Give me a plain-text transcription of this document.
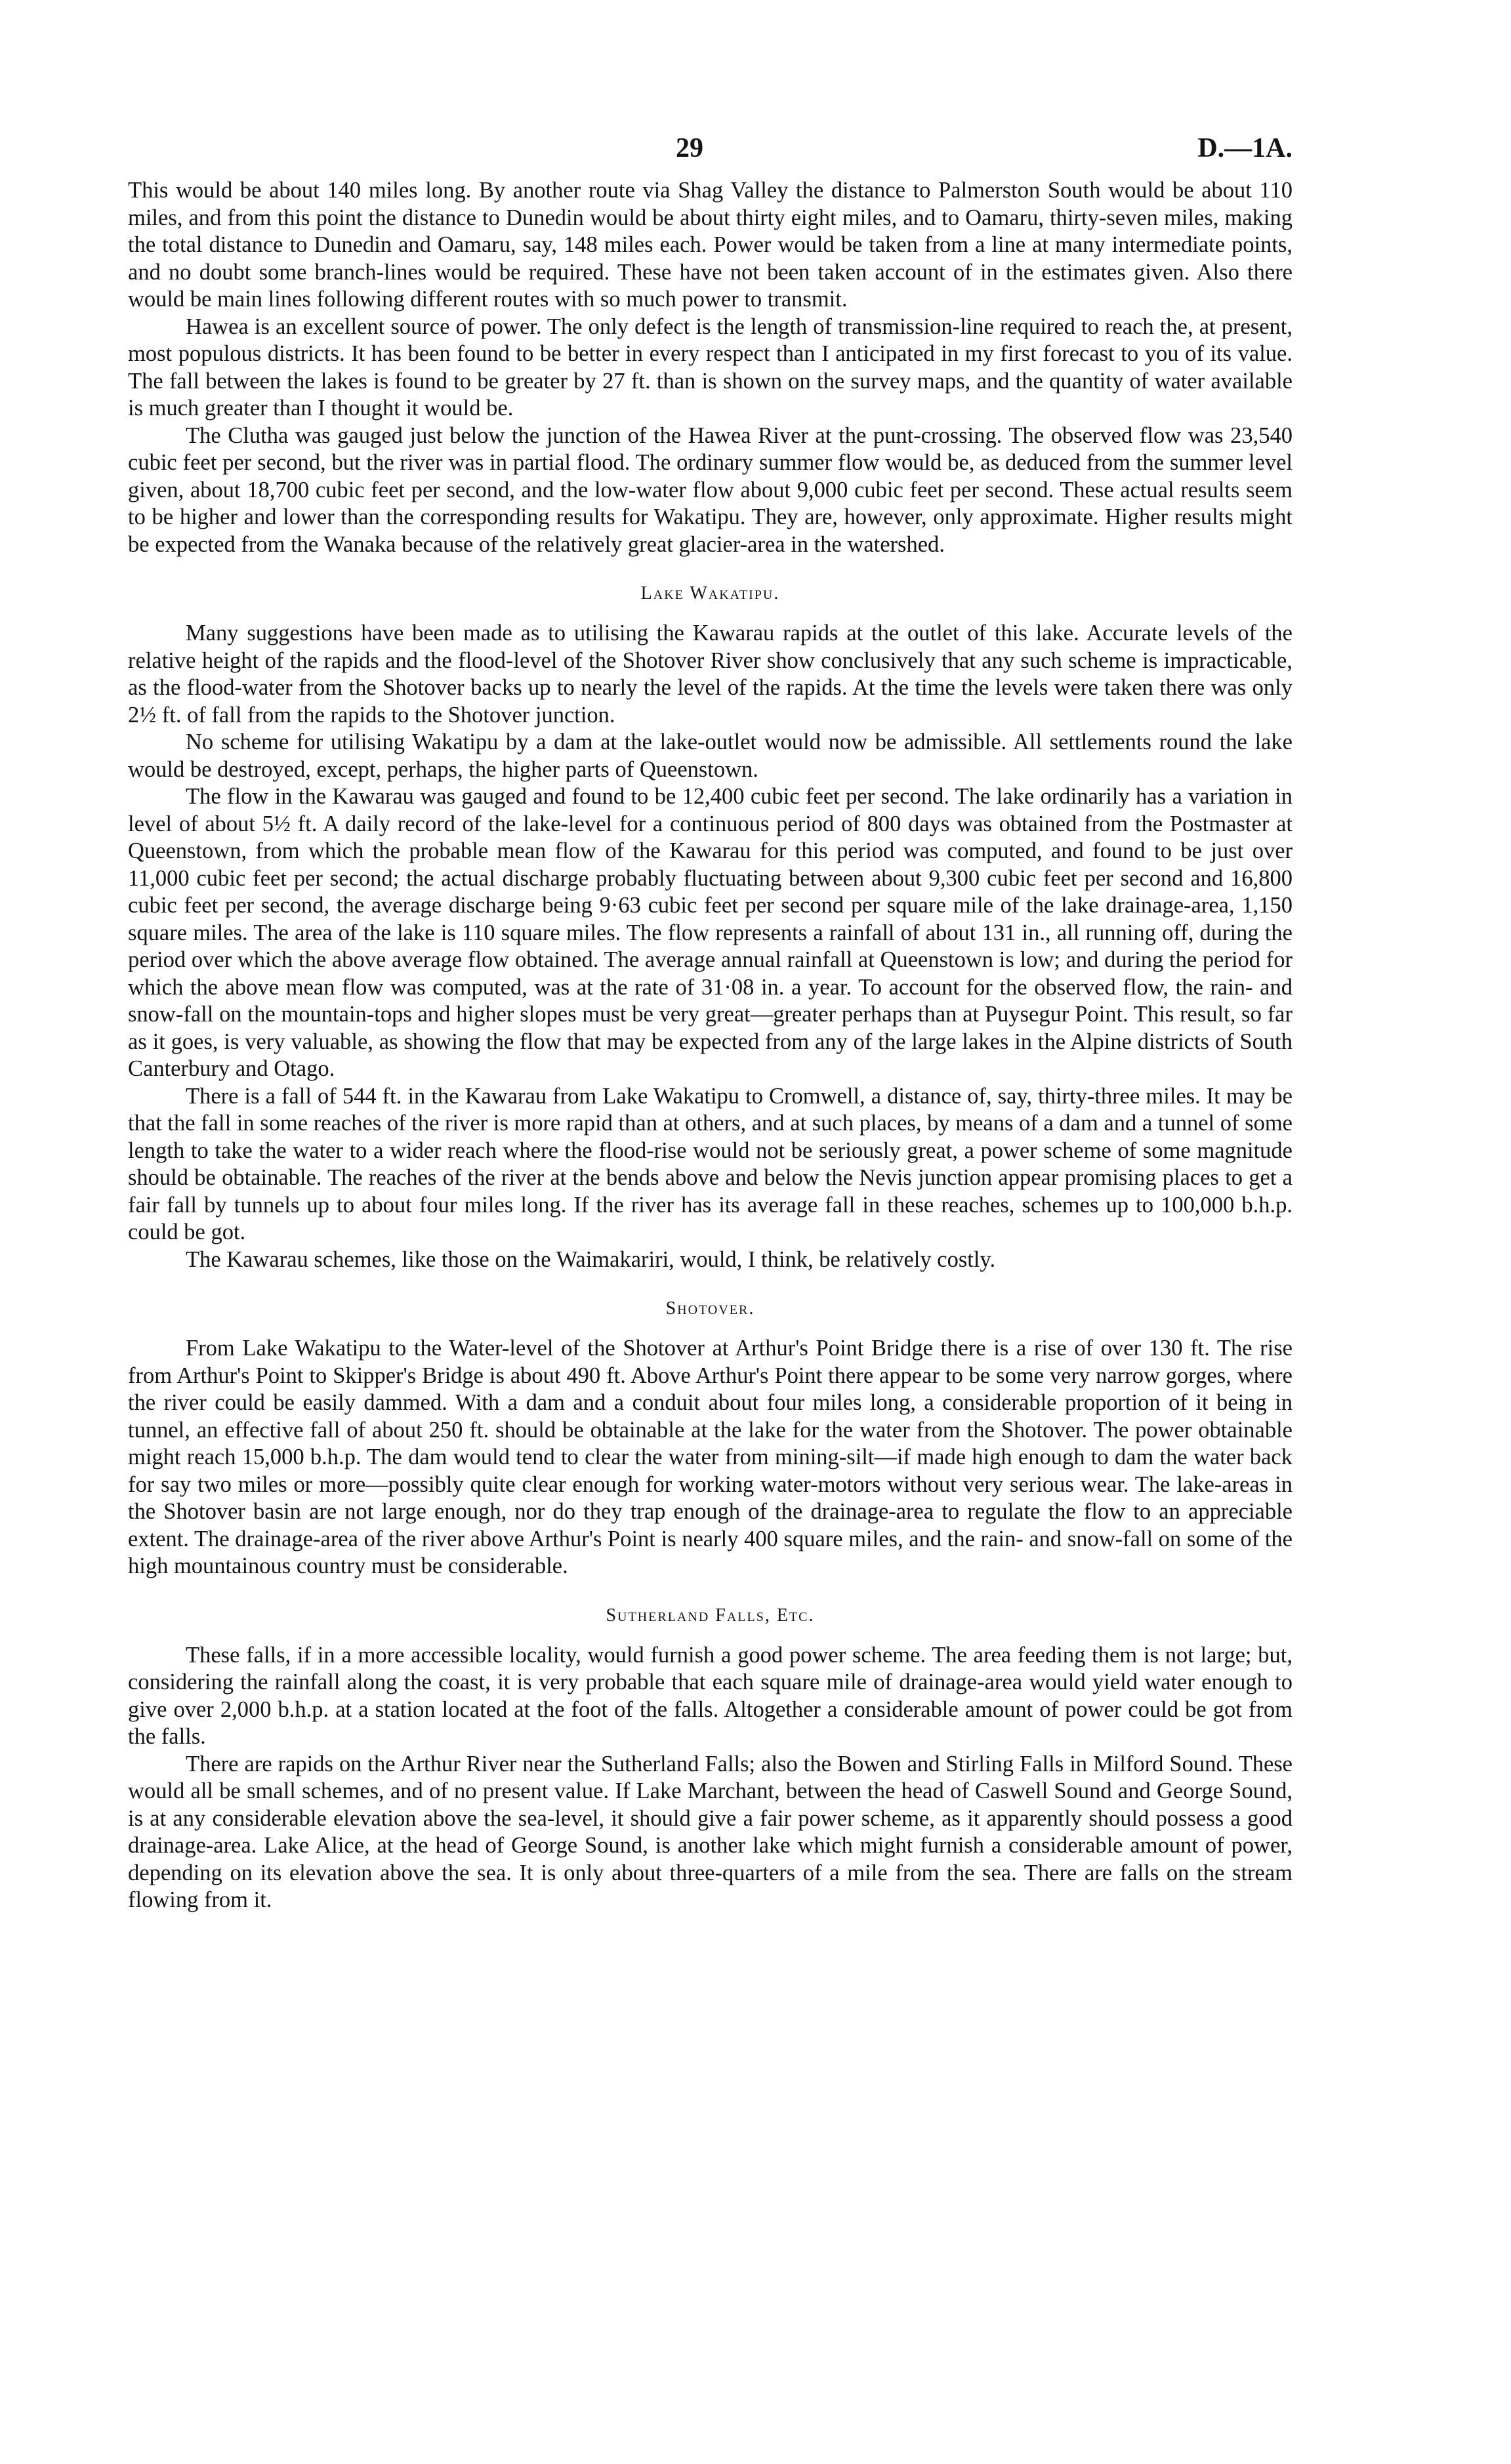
29	D.—1A.

This would be about 140 miles long. By another route via Shag Valley the distance to Palmerston South would be about 110 miles, and from this point the distance to Dunedin would be about thirty eight miles, and to Oamaru, thirty-seven miles, making the total distance to Dunedin and Oamaru, say, 148 miles each. Power would be taken from a line at many intermediate points, and no doubt some branch-lines would be required. These have not been taken account of in the estimates given. Also there would be main lines following different routes with so much power to transmit.

Hawea is an excellent source of power. The only defect is the length of transmission-line required to reach the, at present, most populous districts. It has been found to be better in every respect than I anticipated in my first forecast to you of its value. The fall between the lakes is found to be greater by 27 ft. than is shown on the survey maps, and the quantity of water available is much greater than I thought it would be.

The Clutha was gauged just below the junction of the Hawea River at the punt-crossing. The observed flow was 23,540 cubic feet per second, but the river was in partial flood. The ordinary summer flow would be, as deduced from the summer level given, about 18,700 cubic feet per second, and the low-water flow about 9,000 cubic feet per second. These actual results seem to be higher and lower than the corresponding results for Wakatipu. They are, however, only approximate. Higher results might be expected from the Wanaka because of the relatively great glacier-area in the watershed.

Lake Wakatipu.

Many suggestions have been made as to utilising the Kawarau rapids at the outlet of this lake. Accurate levels of the relative height of the rapids and the flood-level of the Shotover River show conclusively that any such scheme is impracticable, as the flood-water from the Shotover backs up to nearly the level of the rapids. At the time the levels were taken there was only 2½ ft. of fall from the rapids to the Shotover junction.

No scheme for utilising Wakatipu by a dam at the lake-outlet would now be admissible. All settlements round the lake would be destroyed, except, perhaps, the higher parts of Queenstown.

The flow in the Kawarau was gauged and found to be 12,400 cubic feet per second. The lake ordinarily has a variation in level of about 5½ ft. A daily record of the lake-level for a continuous period of 800 days was obtained from the Postmaster at Queenstown, from which the probable mean flow of the Kawarau for this period was computed, and found to be just over 11,000 cubic feet per second; the actual discharge probably fluctuating between about 9,300 cubic feet per second and 16,800 cubic feet per second, the average discharge being 9·63 cubic feet per second per square mile of the lake drainage-area, 1,150 square miles. The area of the lake is 110 square miles. The flow represents a rainfall of about 131 in., all running off, during the period over which the above average flow obtained. The average annual rainfall at Queenstown is low; and during the period for which the above mean flow was computed, was at the rate of 31·08 in. a year. To account for the observed flow, the rain- and snow-fall on the mountain-tops and higher slopes must be very great—greater perhaps than at Puysegur Point. This result, so far as it goes, is very valuable, as showing the flow that may be expected from any of the large lakes in the Alpine districts of South Canterbury and Otago.

There is a fall of 544 ft. in the Kawarau from Lake Wakatipu to Cromwell, a distance of, say, thirty-three miles. It may be that the fall in some reaches of the river is more rapid than at others, and at such places, by means of a dam and a tunnel of some length to take the water to a wider reach where the flood-rise would not be seriously great, a power scheme of some magnitude should be obtainable. The reaches of the river at the bends above and below the Nevis junction appear promising places to get a fair fall by tunnels up to about four miles long. If the river has its average fall in these reaches, schemes up to 100,000 b.h.p. could be got.

The Kawarau schemes, like those on the Waimakariri, would, I think, be relatively costly.

Shotover.

From Lake Wakatipu to the Water-level of the Shotover at Arthur's Point Bridge there is a rise of over 130 ft. The rise from Arthur's Point to Skipper's Bridge is about 490 ft. Above Arthur's Point there appear to be some very narrow gorges, where the river could be easily dammed. With a dam and a conduit about four miles long, a considerable proportion of it being in tunnel, an effective fall of about 250 ft. should be obtainable at the lake for the water from the Shotover. The power obtainable might reach 15,000 b.h.p. The dam would tend to clear the water from mining-silt—if made high enough to dam the water back for say two miles or more—possibly quite clear enough for working water-motors without very serious wear. The lake-areas in the Shotover basin are not large enough, nor do they trap enough of the drainage-area to regulate the flow to an appreciable extent. The drainage-area of the river above Arthur's Point is nearly 400 square miles, and the rain- and snow-fall on some of the high mountainous country must be considerable.

Sutherland Falls, Etc.

These falls, if in a more accessible locality, would furnish a good power scheme. The area feeding them is not large; but, considering the rainfall along the coast, it is very probable that each square mile of drainage-area would yield water enough to give over 2,000 b.h.p. at a station located at the foot of the falls. Altogether a considerable amount of power could be got from the falls.

There are rapids on the Arthur River near the Sutherland Falls; also the Bowen and Stirling Falls in Milford Sound. These would all be small schemes, and of no present value. If Lake Marchant, between the head of Caswell Sound and George Sound, is at any considerable elevation above the sea-level, it should give a fair power scheme, as it apparently should possess a good drainage-area. Lake Alice, at the head of George Sound, is another lake which might furnish a considerable amount of power, depending on its elevation above the sea. It is only about three-quarters of a mile from the sea. There are falls on the stream flowing from it.
